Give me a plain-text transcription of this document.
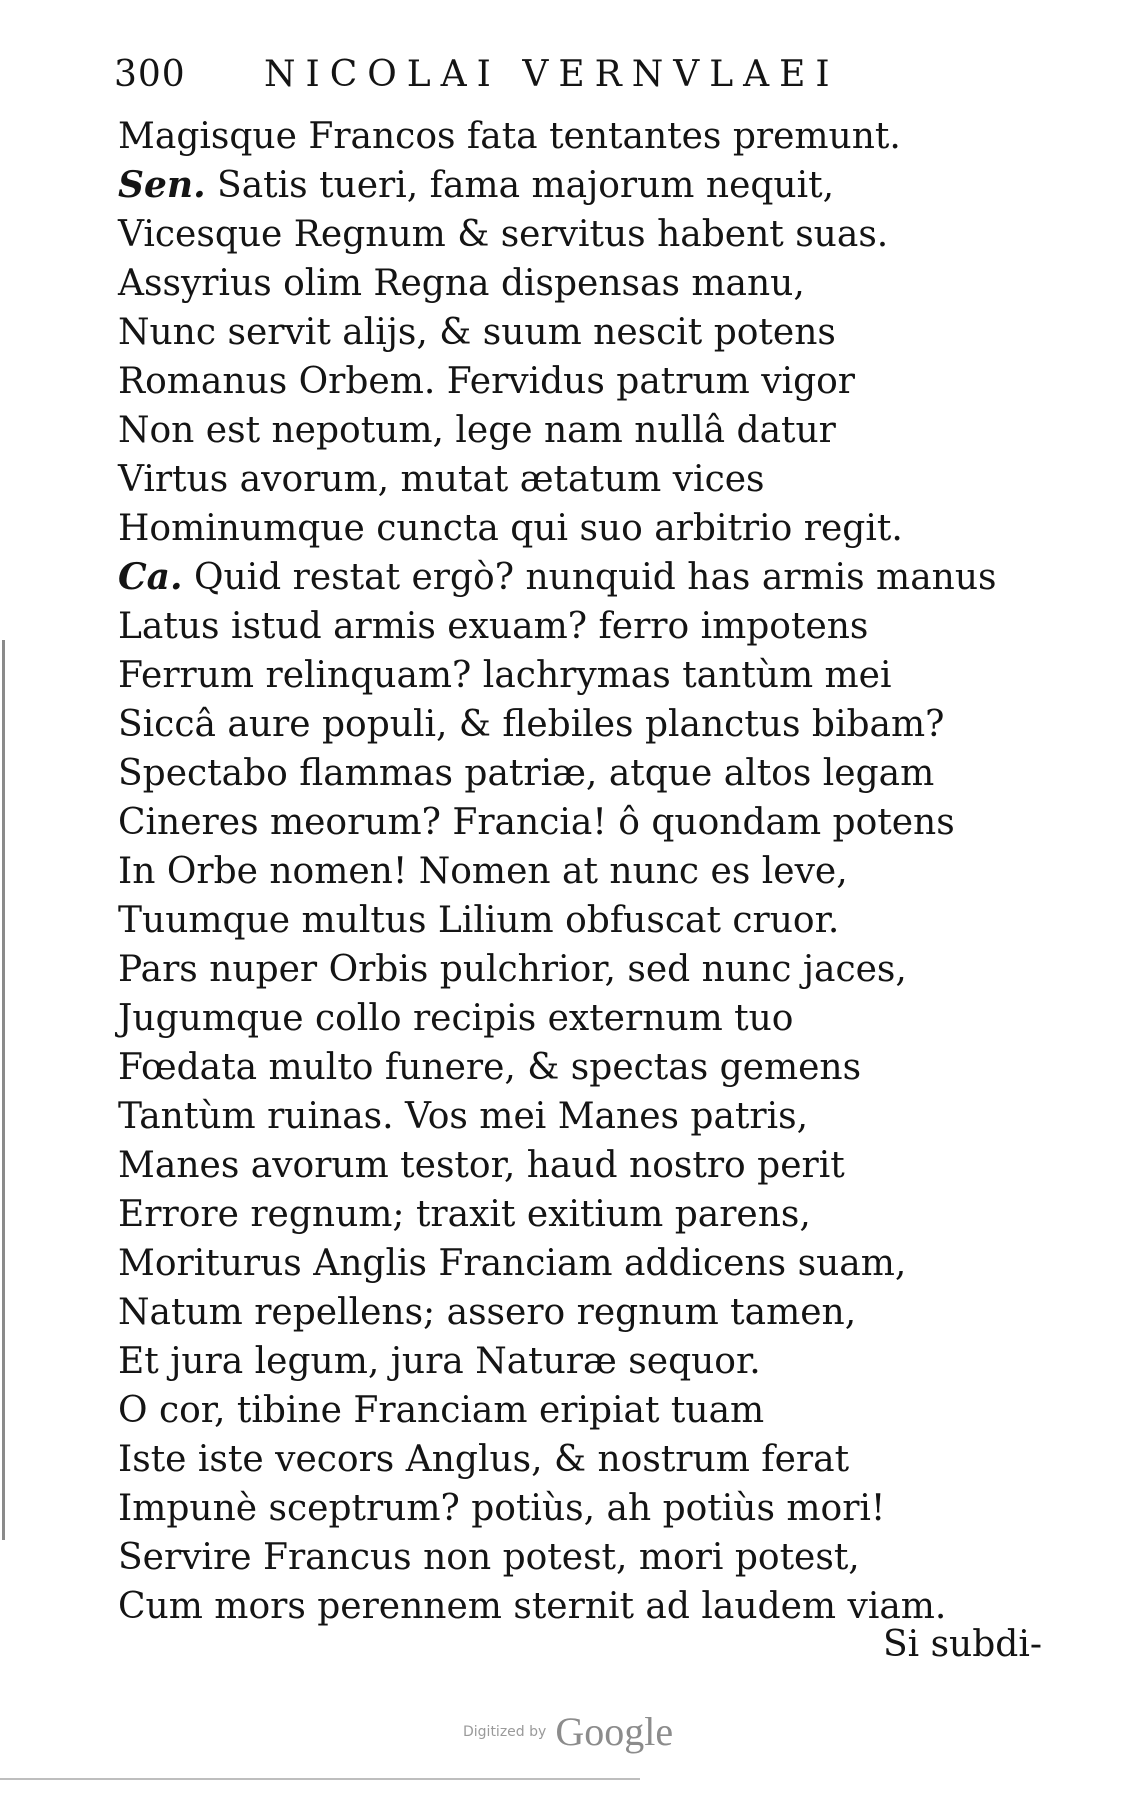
300 NICOLAI VERNVLAEI
Magisque Francos fata tentantes premunt.
Sen. Satis tueri, fama majorum nequit,
Vicesque Regnum & servitus habent suas.
Assyrius olim Regna dispensas manu,
Nunc servit alijs, & suum nescit potens
Romanus Orbem. Fervidus patrum vigor
Non est nepotum, lege nam nullâ datur
Virtus avorum, mutat ætatum vices
Hominumque cuncta qui suo arbitrio regit.
Ca. Quid restat ergò? nunquid has armis manus
Latus istud armis exuam? ferro impotens
Ferrum relinquam? lachrymas tantùm mei
Siccâ aure populi, & flebiles planctus bibam?
Spectabo flammas patriæ, atque altos legam
Cineres meorum? Francia! ô quondam potens
In Orbe nomen! Nomen at nunc es leve,
Tuumque multus Lilium obfuscat cruor.
Pars nuper Orbis pulchrior, sed nunc jaces,
Jugumque collo recipis externum tuo
Fœdata multo funere, & spectas gemens
Tantùm ruinas. Vos mei Manes patris,
Manes avorum testor, haud nostro perit
Errore regnum; traxit exitium parens,
Moriturus Anglis Franciam addicens suam,
Natum repellens; assero regnum tamen,
Et jura legum, jura Naturæ sequor.
O cor, tibine Franciam eripiat tuam
Iste iste vecors Anglus, & nostrum ferat
Impunè sceptrum? potiùs, ah potiùs mori!
Servire Francus non potest, mori potest,
Cum mors perennem sternit ad laudem viam.
Si subdi-
Digitized by Google
